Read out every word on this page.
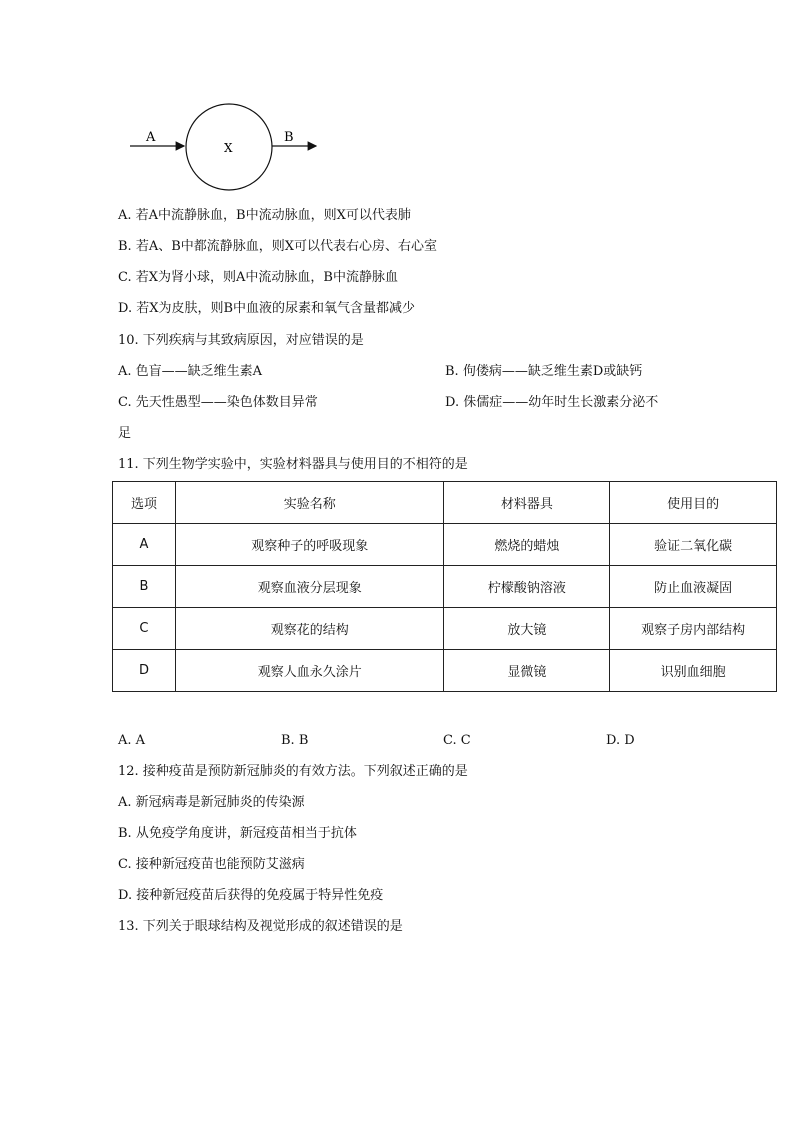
A
X
B
A. 若A中流静脉血，B中流动脉血，则X可以代表肺
B. 若A、B中都流静脉血，则X可以代表右心房、右心室
C. 若X为肾小球，则A中流动脉血，B中流静脉血
D. 若X为皮肤，则B中血液的尿素和氧气含量都减少
10. 下列疾病与其致病原因，对应错误的是
A. 色盲——缺乏维生素A	B. 佝偻病——缺乏维生素D或缺钙
C. 先天性愚型——染色体数目异常	D. 侏儒症——幼年时生长激素分泌不
足
11. 下列生物学实验中，实验材料器具与使用目的不相符的是
选项	实验名称	材料器具	使用目的
A	观察种子的呼吸现象	燃烧的蜡烛	验证二氧化碳
B	观察血液分层现象	柠檬酸钠溶液	防止血液凝固
C	观察花的结构	放大镜	观察子房内部结构
D	观察人血永久涂片	显微镜	识别血细胞
A. A	B. B	C. C	D. D
12. 接种疫苗是预防新冠肺炎的有效方法。下列叙述正确的是
A. 新冠病毒是新冠肺炎的传染源
B. 从免疫学角度讲，新冠疫苗相当于抗体
C. 接种新冠疫苗也能预防艾滋病
D. 接种新冠疫苗后获得的免疫属于特异性免疫
13. 下列关于眼球结构及视觉形成的叙述错误的是
